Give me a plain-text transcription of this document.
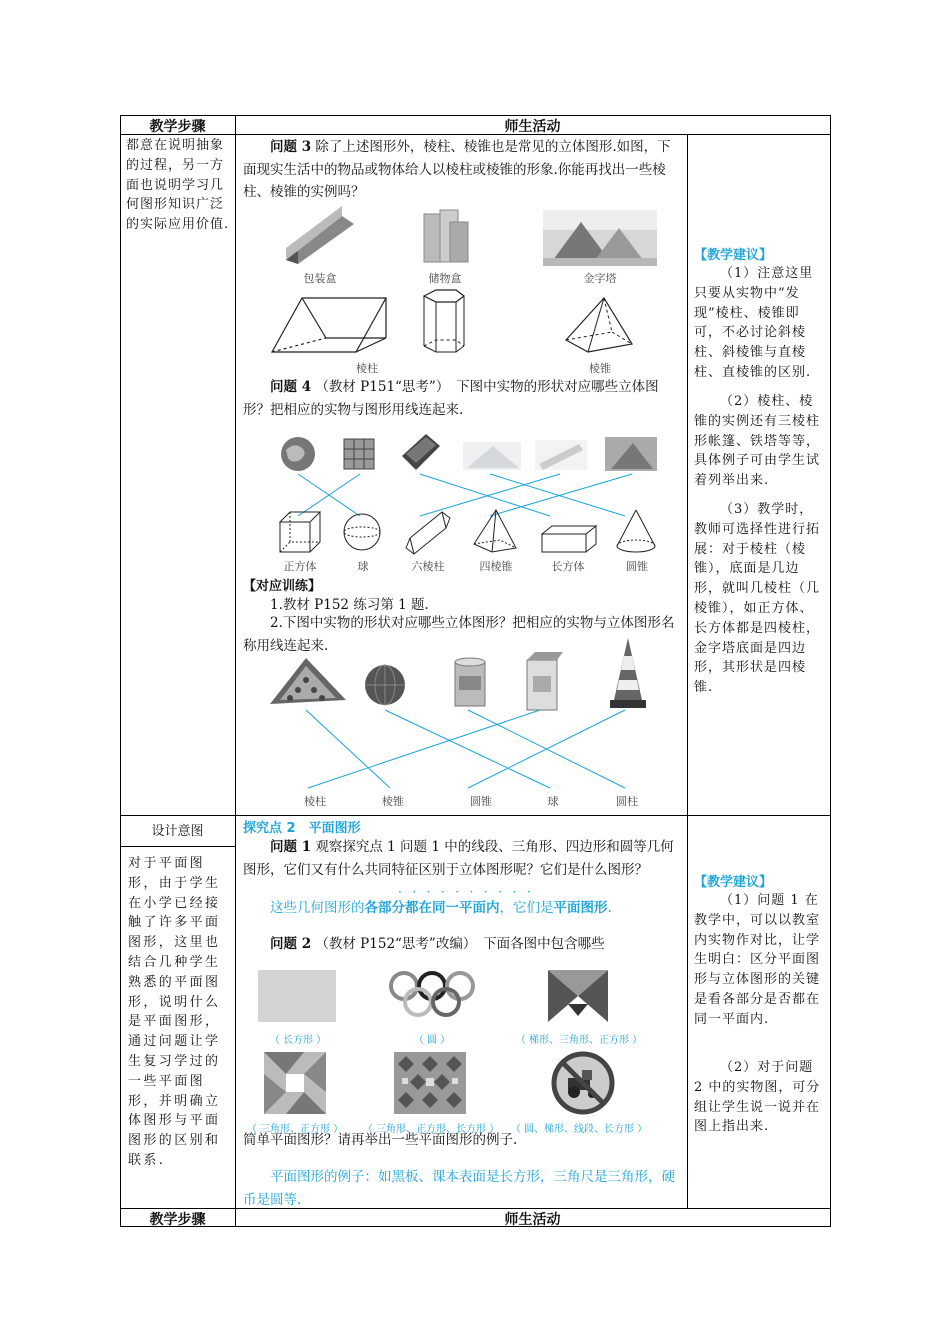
教学步骤	师生活动
都意在说明抽象的过程，另一方面也说明学习几何图形知识广泛的实际应用价值.
问题 3 除了上述图形外，棱柱、棱锥也是常见的立体图形.如图，下面现实生活中的物品或物体给人以棱柱或棱锥的形象.你能再找出一些棱柱、棱锥的实例吗？
包装盒	储物盒	金字塔
棱柱	棱锥
问题 4 （教材 P151“思考”）　下图中实物的形状对应哪些立体图形？把相应的实物与图形用线连起来.
正方体	球	六棱柱	四棱锥	长方体	圆锥
【对应训练】
1.教材 P152 练习第 1 题.
2.下图中实物的形状对应哪些立体图形？把相应的实物与立体图形名称用线连起来.
棱柱	棱锥	圆锥	球	圆柱
【教学建议】
（1）注意这里只要从实物中“发现”棱柱、棱锥即可，不必讨论斜棱柱、斜棱锥与直棱柱、直棱锥的区别.
（2）棱柱、棱锥的实例还有三棱柱形帐篷、铁塔等等，具体例子可由学生试着列举出来.
（3）教学时，教师可选择性进行拓展：对于棱柱（棱锥），底面是几边形，就叫几棱柱（几棱锥），如正方体、长方体都是四棱柱，金字塔底面是四边形，其形状是四棱锥.
设计意图
对于平面图形，由于学生在小学已经接触了许多平面图形，这里也结合几种学生熟悉的平面图形，说明什么是平面图形，通过问题让学生复习学过的一些平面图形，并明确立体图形与平面图形的区别和联系.
探究点 2　平面图形
问题 1 观察探究点 1 问题 1 中的线段、三角形、四边形和圆等几何图形，它们又有什么共同特征区别于立体图形呢？它们是什么图形？
··········
这些几何图形的各部分都在同一平面内，它们是平面图形.
问题 2 （教材 P152“思考”改编）　下面各图中包含哪些
（ 长方形 ）	（ 圆 ）	（ 梯形、三角形、正方形 ）
（ 三角形、正方形 ）	（ 三角形、正方形、长方形 ）	（ 圆、梯形、线段、长方形 ）
简单平面图形？请再举出一些平面图形的例子.
平面图形的例子：如黑板、课本表面是长方形，三角尺是三角形，硬币是圆等.
【教学建议】
（1）问题 1 在教学中，可以以教室内实物作对比，让学生明白：区分平面图形与立体图形的关键是看各部分是否都在同一平面内.
（2）对于问题 2 中的实物图，可分组让学生说一说并在图上指出来.
教学步骤	师生活动
